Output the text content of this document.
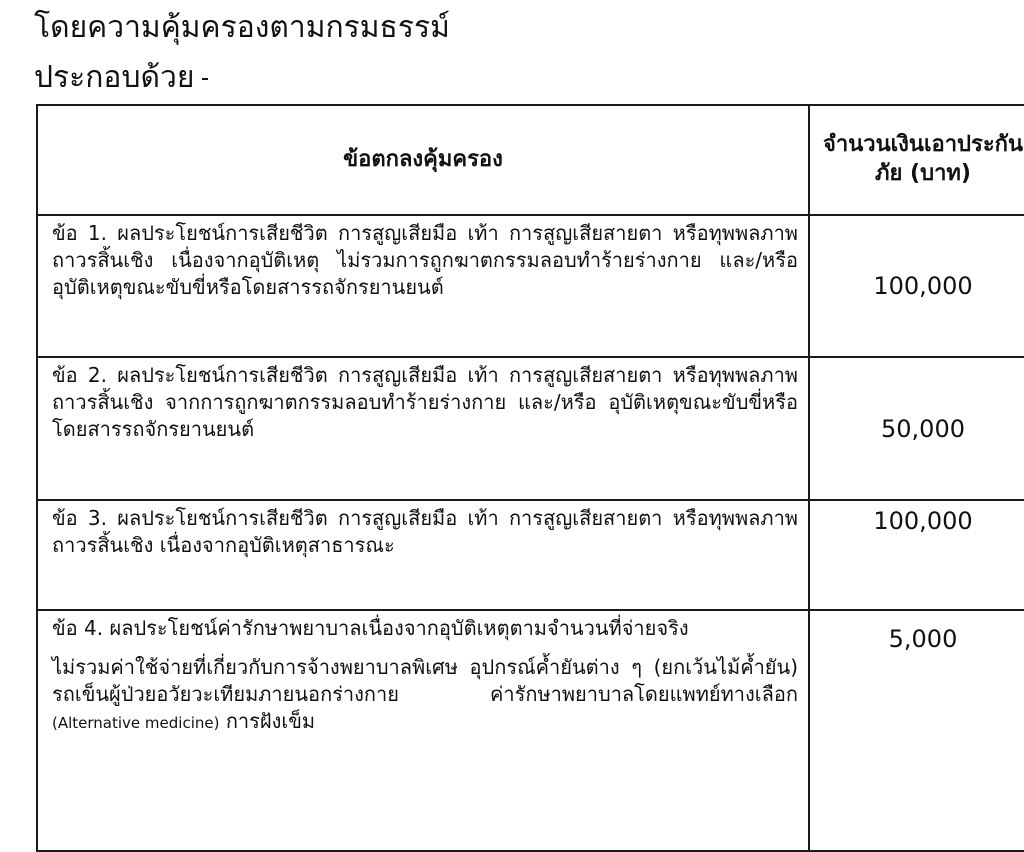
โดยความคุ้มครองตามกรมธรรม์
ประกอบด้วย
ข้อตกลงคุ้มครอง	จำนวนเงินเอาประกันภัย (บาท)
ข้อ 1. ผลประโยชน์การเสียชีวิต การสูญเสียมือ เท้า การสูญเสียสายตา หรือทุพพลภาพถาวรสิ้นเชิง เนื่องจากอุบัติเหตุ ไม่รวมการถูกฆาตกรรมลอบทำร้ายร่างกาย และ/หรือ อุบัติเหตุขณะขับขี่หรือโดยสารรถจักรยานยนต์	100,000
ข้อ 2. ผลประโยชน์การเสียชีวิต การสูญเสียมือ เท้า การสูญเสียสายตา หรือทุพพลภาพถาวรสิ้นเชิง จากการถูกฆาตกรรมลอบทำร้ายร่างกาย และ/หรือ อุบัติเหตุขณะขับขี่หรือโดยสารรถจักรยานยนต์	50,000
ข้อ 3. ผลประโยชน์การเสียชีวิต การสูญเสียมือ เท้า การสูญเสียสายตา หรือทุพพลภาพถาวรสิ้นเชิง เนื่องจากอุบัติเหตุสาธารณะ	100,000

ข้อ 4. ผลประโยชน์ค่ารักษาพยาบาลเนื่องจากอุบัติเหตุตามจำนวนที่จ่ายจริง

ไม่รวมค่าใช้จ่ายที่เกี่ยวกับการจ้างพยาบาลพิเศษ อุปกรณ์ค้ำยันต่าง ๆ (ยกเว้นไม้ค้ำยัน) รถเข็นผู้ป่วยอวัยวะเทียมภายนอกร่างกาย ค่ารักษาพยาบาลโดยแพทย์ทางเลือก (Alternative medicine) การฝังเข็ม	5,000
